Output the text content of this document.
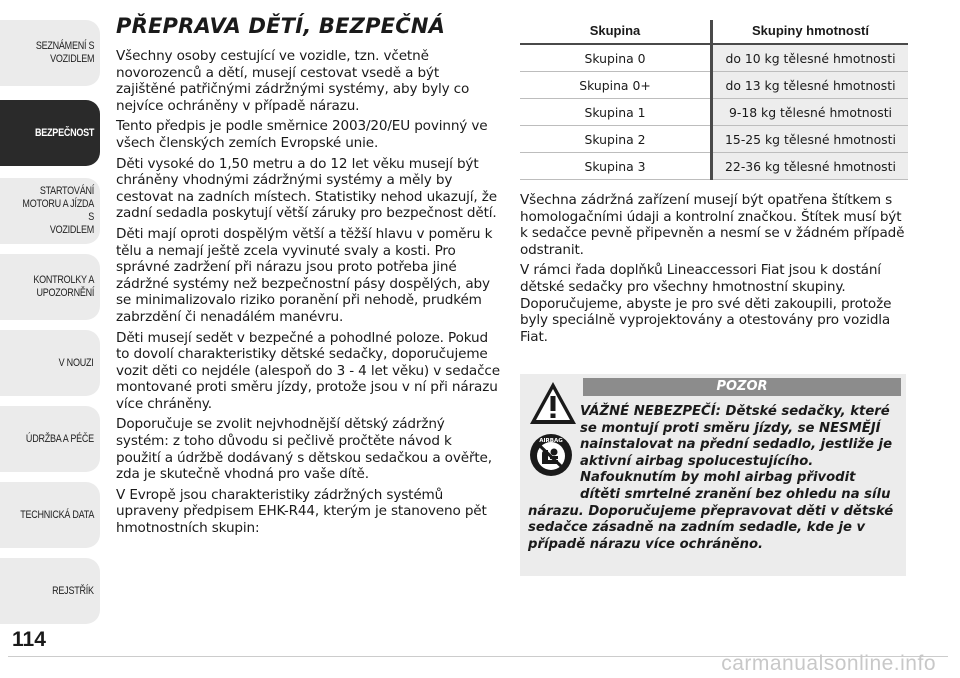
SEZNÁMENÍ S
VOZIDLEM
BEZPEČNOST
STARTOVÁNÍ
MOTORU A JÍZDA S
VOZIDLEM
KONTROLKY A
UPOZORNĚNÍ
V NOUZI
ÚDRŽBA A PÉČE
TECHNICKÁ DATA
REJSTŘÍK
114
carmanualsonline.info
PŘEPRAVA DĚTÍ, BEZPEČNÁ

Všechny osoby cestující ve vozidle, tzn. včetně novorozenců a dětí, musejí cestovat vsedě a být zajištěné patřičnými zádržnými systémy, aby byly co nejvíce ochráněny v případě nárazu.

Tento předpis je podle směrnice 2003/20/EU povinný ve všech členských zemích Evropské unie.

Děti vysoké do 1,50 metru a do 12 let věku musejí být chráněny vhodnými zádržnými systémy a měly by cestovat na zadních místech. Statistiky nehod ukazují, že zadní sedadla poskytují větší záruky pro bezpečnost dětí.

Děti mají oproti dospělým větší a těžší hlavu v poměru k tělu a nemají ještě zcela vyvinuté svaly a kosti. Pro správné zadržení při nárazu jsou proto potřeba jiné zádržné systémy než bezpečnostní pásy dospělých, aby se minimalizovalo riziko poranění při nehodě, prudkém zabrzdění či nenadálém manévru.

Děti musejí sedět v bezpečné a pohodlné poloze. Pokud to dovolí charakteristiky dětské sedačky, doporučujeme vozit děti co nejdéle (alespoň do 3 - 4 let věku) v sedačce montované proti směru jízdy, protože jsou v ní při nárazu více chráněny.

Doporučuje se zvolit nejvhodnější dětský zádržný systém: z toho důvodu si pečlivě pročtěte návod k použití a údržbě dodávaný s dětskou sedačkou a ověřte, zda je skutečně vhodná pro vaše dítě.

V Evropě jsou charakteristiky zádržných systémů upraveny předpisem EHK-R44, kterým je stanoveno pět hmotnostních skupin:

Skupina	Skupiny hmotností
Skupina 0	do 10 kg tělesné hmotnosti
Skupina 0+	do 13 kg tělesné hmotnosti
Skupina 1	9-18 kg tělesné hmotnosti
Skupina 2	15-25 kg tělesné hmotnosti
Skupina 3	22-36 kg tělesné hmotnosti

Všechna zádržná zařízení musejí být opatřena štítkem s homologačními údaji a kontrolní značkou. Štítek musí být k sedačce pevně připevněn a nesmí se v žádném případě odstranit.

V rámci řada doplňků Lineaccessori Fiat jsou k dostání dětské sedačky pro všechny hmotnostní skupiny. Doporučujeme, abyste je pro své děti zakoupili, protože byly speciálně vyprojektovány a otestovány pro vozidla Fiat.

POZOR
AIRBAG
VÁŽNÉ NEBEZPEČÍ: Dětské sedačky, které se montují proti směru jízdy, se NESMĚJÍ nainstalovat na přední sedadlo, jestliže je aktivní airbag spolucestujícího. Nafouknutím by mohl airbag přivodit dítěti smrtelné zranění bez ohledu na sílu nárazu. Doporučujeme přepravovat děti v dětské sedačce zásadně na zadním sedadle, kde je v případě nárazu více ochráněno.
